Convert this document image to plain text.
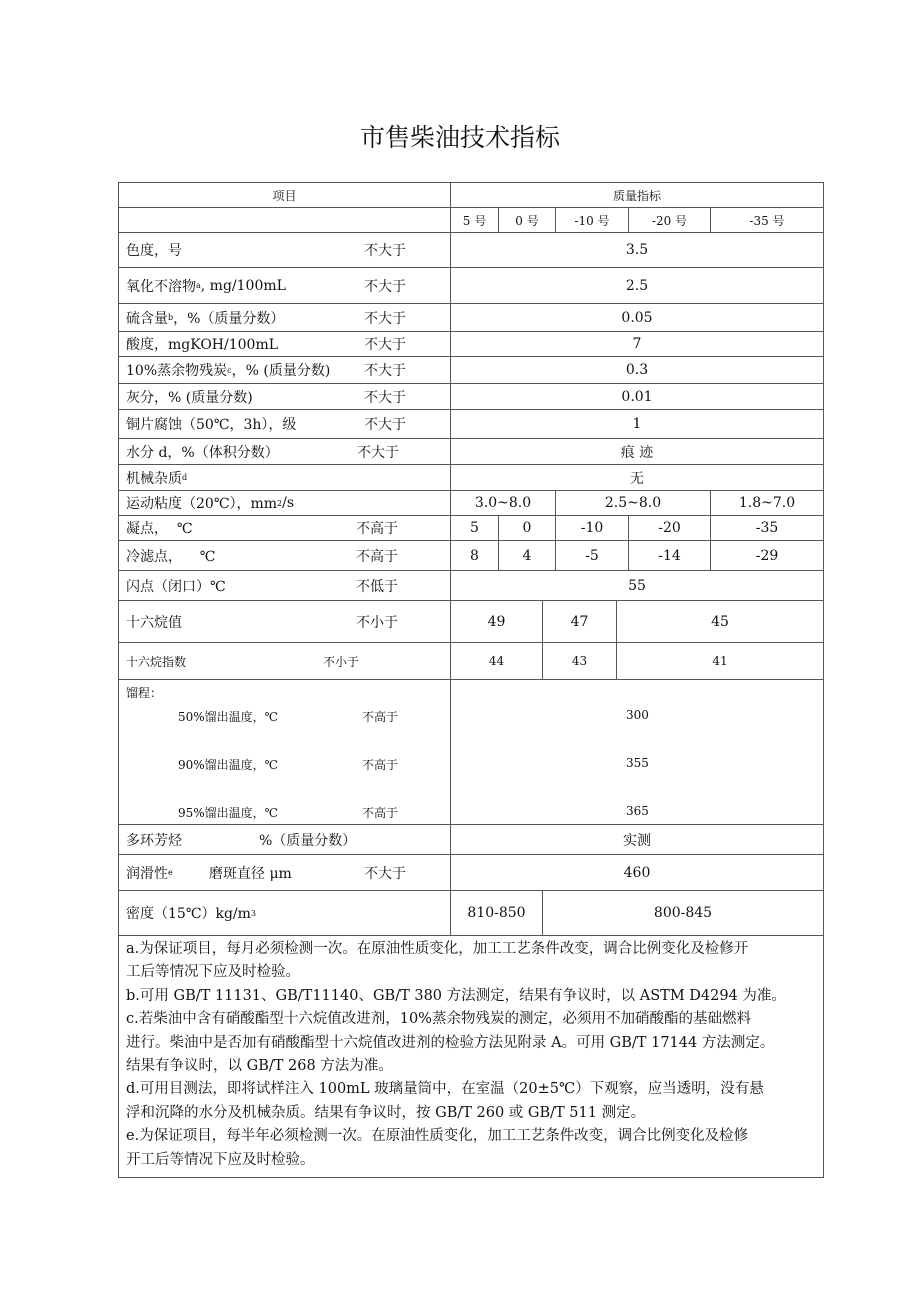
市售柴油技术指标
项目	质量指标
5 号	0 号	-10 号	-20 号	-35 号
色度，号	不大于	3.5
氧化不溶物 a , mg/100mL	不大于	2.5
硫含量 b ，%（质量分数）	不大于	0.05
酸度，mgKOH/100mL	不大于	7
10%蒸余物残炭 c ，% (质量分数) 不大于	0.3
灰分，% (质量分数)	不大于	0.01
铜片腐蚀（50℃，3h），级	不大于	1
水分 d，%（体积分数）	不大于	痕 迹
机械杂质 d	无
运动粘度（20℃），mm 2 /s	3.0~8.0	2.5~8.0	1.8~7.0
凝点，  ℃	不高于	5	0	-10	-20	-35
冷滤点，    ℃	不高于	8	4	-5	-14	-29
闪点（闭口）℃	不低于	55
十六烷值	不小于	49	47	45
十六烷指数	不小于	44	43	41
馏程：
50%馏出温度，℃	不高于	300
90%馏出温度，℃	不高于	355
95%馏出温度，℃	不高于	365
多环芳烃	%（质量分数）	实测
润滑性 e	磨斑直径 μm	不大于	460
密度（15℃）kg/m 3	810-850	800-845
a.为保证项目，每月必须检测一次。在原油性质变化，加工工艺条件改变，调合比例变化及检修开
工后等情况下应及时检验。
b.可用 GB/T 11131、GB/T11140、GB/T 380 方法测定，结果有争议时，以 ASTM D4294 为准。
c.若柴油中含有硝酸酯型十六烷值改进剂，10%蒸余物残炭的测定，必须用不加硝酸酯的基础燃料
进行。柴油中是否加有硝酸酯型十六烷值改进剂的检验方法见附录 A。可用 GB/T 17144 方法测定。
结果有争议时，以 GB/T 268 方法为准。
d.可用目测法，即将试样注入 100mL 玻璃量筒中，在室温（20±5℃）下观察，应当透明，没有悬
浮和沉降的水分及机械杂质。结果有争议时，按 GB/T 260 或 GB/T 511 测定。
e.为保证项目，每半年必须检测一次。在原油性质变化，加工工艺条件改变，调合比例变化及检修
开工后等情况下应及时检验。
